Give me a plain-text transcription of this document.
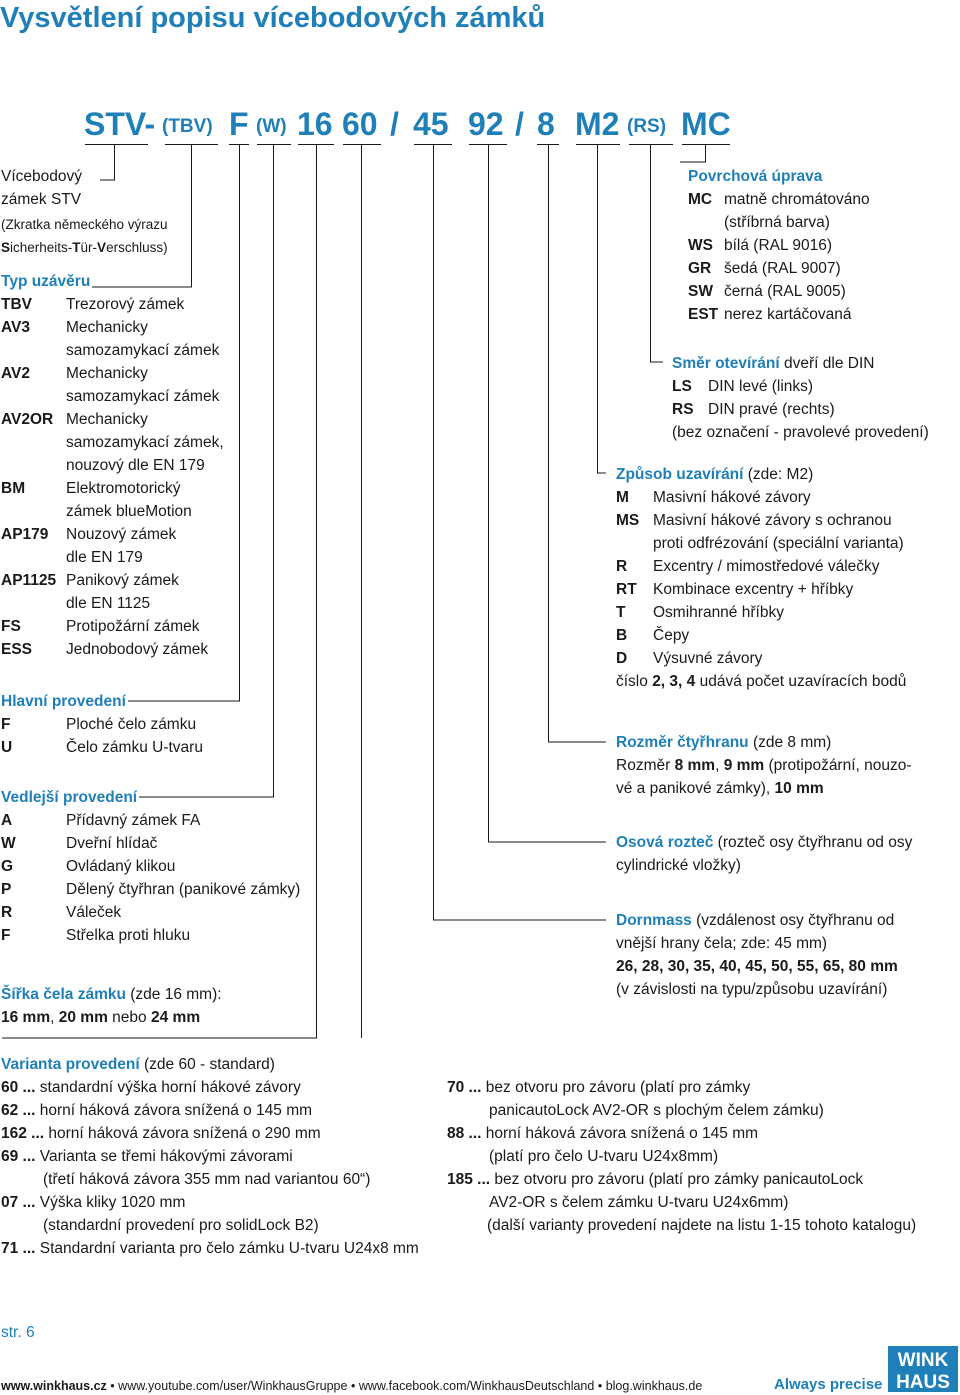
Vysvětlení popisu vícebodových zámků
STV- (TBV) F (W) 16 60 / 45 92 / 8 M2 (RS) MC
Vícebodový
zámek STV
(Zkratka německého výrazu
Sicherheits-Tür-Verschluss)
Typ uzávěru
TBV Trezorový zámek
AV3 Mechanicky
samozamykací zámek
AV2 Mechanicky
samozamykací zámek
AV2OR Mechanicky
samozamykací zámek,
nouzový dle EN 179
BM	Elektromotorický
zámek blueMotion
AP179 Nouzový zámek
dle EN 179
AP1125 Panikový zámek
dle EN 1125
FS	Protipožární zámek
ESS Jednobodový zámek
Hlavní provedení
F	Ploché čelo zámku
U	Čelo zámku U-tvaru
Vedlejší provedení
A	Přídavný zámek FA
W	Dveřní hlídač
G	Ovládaný klikou
P	Dělený čtyřhran (panikové zámky)
R	Váleček
F	Střelka proti hluku
Šířka čela zámku (zde 16 mm):
16 mm, 20 mm nebo 24 mm
Varianta provedení (zde 60 - standard)
60 ... standardní výška horní hákové závory
62 ... horní háková závora snížená o 145 mm
162 ... horní háková závora snížená o 290 mm
69 ... Varianta se třemi hákovými závorami
(třetí háková závora 355 mm nad variantou 60“)
07 ... Výška kliky 1020 mm
(standardní provedení pro solidLock B2)
71 ... Standardní varianta pro čelo zámku U-tvaru U24x8 mm
70 ... bez otvoru pro závoru (platí pro zámky
panicautoLock AV2-OR s plochým čelem zámku)
88 ... horní háková závora snížená o 145 mm
(platí pro čelo U-tvaru U24x8mm)
185 ... bez otvoru pro závoru (platí pro zámky panicautoLock
AV2-OR s čelem zámku U-tvaru U24x6mm)
(další varianty provedení najdete na listu 1-15 tohoto katalogu)
Povrchová úprava
MC matně chromátováno
(stříbrná barva)
WS bílá (RAL 9016)
GR šedá (RAL 9007)
SW černá (RAL 9005)
EST nerez kartáčovaná
Směr otevírání dveří dle DIN
LS DIN levé (links)
RS DIN pravé (rechts)
(bez označení - pravolevé provedení)
Způsob uzavírání (zde: M2)
M Masivní hákové závory
MS Masivní hákové závory s ochranou
proti odfrézování (speciální varianta)
R Excentry / mimostředové válečky
RT Kombinace excentry + hříbky
T Osmihranné hříbky
B Čepy
D Výsuvné závory
číslo 2, 3, 4 udává počet uzavíracích bodů
Rozměr čtyřhranu (zde 8 mm)
Rozměr 8 mm, 9 mm (protipožární, nouzo-
vé a panikové zámky), 10 mm
Osová rozteč (rozteč osy čtyřhranu od osy
cylindrické vložky)
Dornmass (vzdálenost osy čtyřhranu od
vnější hrany čela; zde: 45 mm)
26, 28, 30, 35, 40, 45, 50, 55, 65, 80 mm
(v závislosti na typu/způsobu uzavírání)
str. 6
www.winkhaus.cz • www.youtube.com/user/WinkhausGruppe • www.facebook.com/WinkhausDeutschland • blog.winkhaus.de	Always precise
WINK
HAUS
